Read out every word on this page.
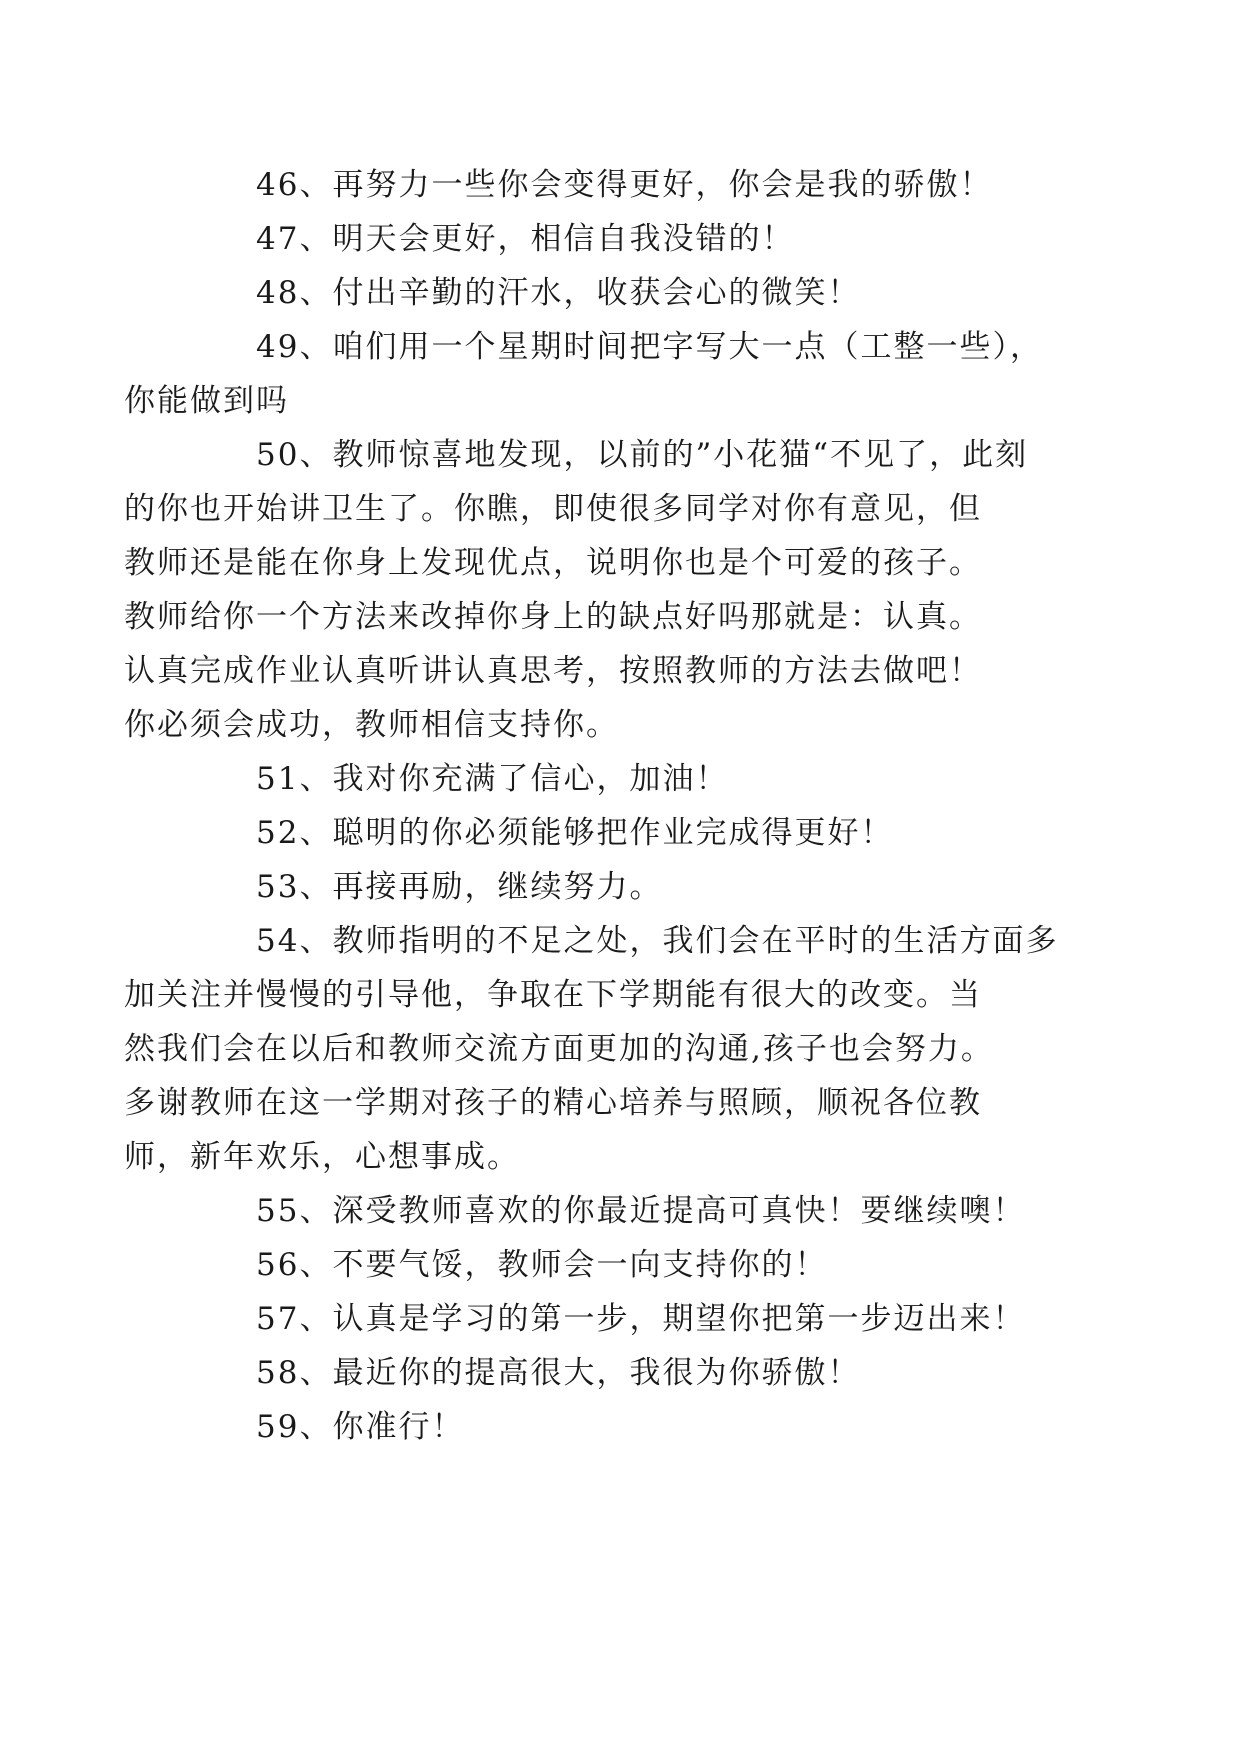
46、再努力一些你会变得更好，你会是我的骄傲！
47、明天会更好，相信自我没错的！
48、付出辛勤的汗水，收获会心的微笑！
49、咱们用一个星期时间把字写大一点（工整一些），
你能做到吗
50、教师惊喜地发现，以前的”小花猫“不见了，此刻
的你也开始讲卫生了。你瞧，即使很多同学对你有意见，但
教师还是能在你身上发现优点，说明你也是个可爱的孩子。
教师给你一个方法来改掉你身上的缺点好吗那就是：认真。
认真完成作业认真听讲认真思考，按照教师的方法去做吧！
你必须会成功，教师相信支持你。
51、我对你充满了信心，加油！
52、聪明的你必须能够把作业完成得更好！
53、再接再励，继续努力。
54、教师指明的不足之处，我们会在平时的生活方面多
加关注并慢慢的引导他，争取在下学期能有很大的改变。当
然我们会在以后和教师交流方面更加的沟通,孩子也会努力。
多谢教师在这一学期对孩子的精心培养与照顾，顺祝各位教
师，新年欢乐，心想事成。
55、深受教师喜欢的你最近提高可真快！要继续噢！
56、不要气馁，教师会一向支持你的！
57、认真是学习的第一步，期望你把第一步迈出来！
58、最近你的提高很大，我很为你骄傲！
59、你准行！
